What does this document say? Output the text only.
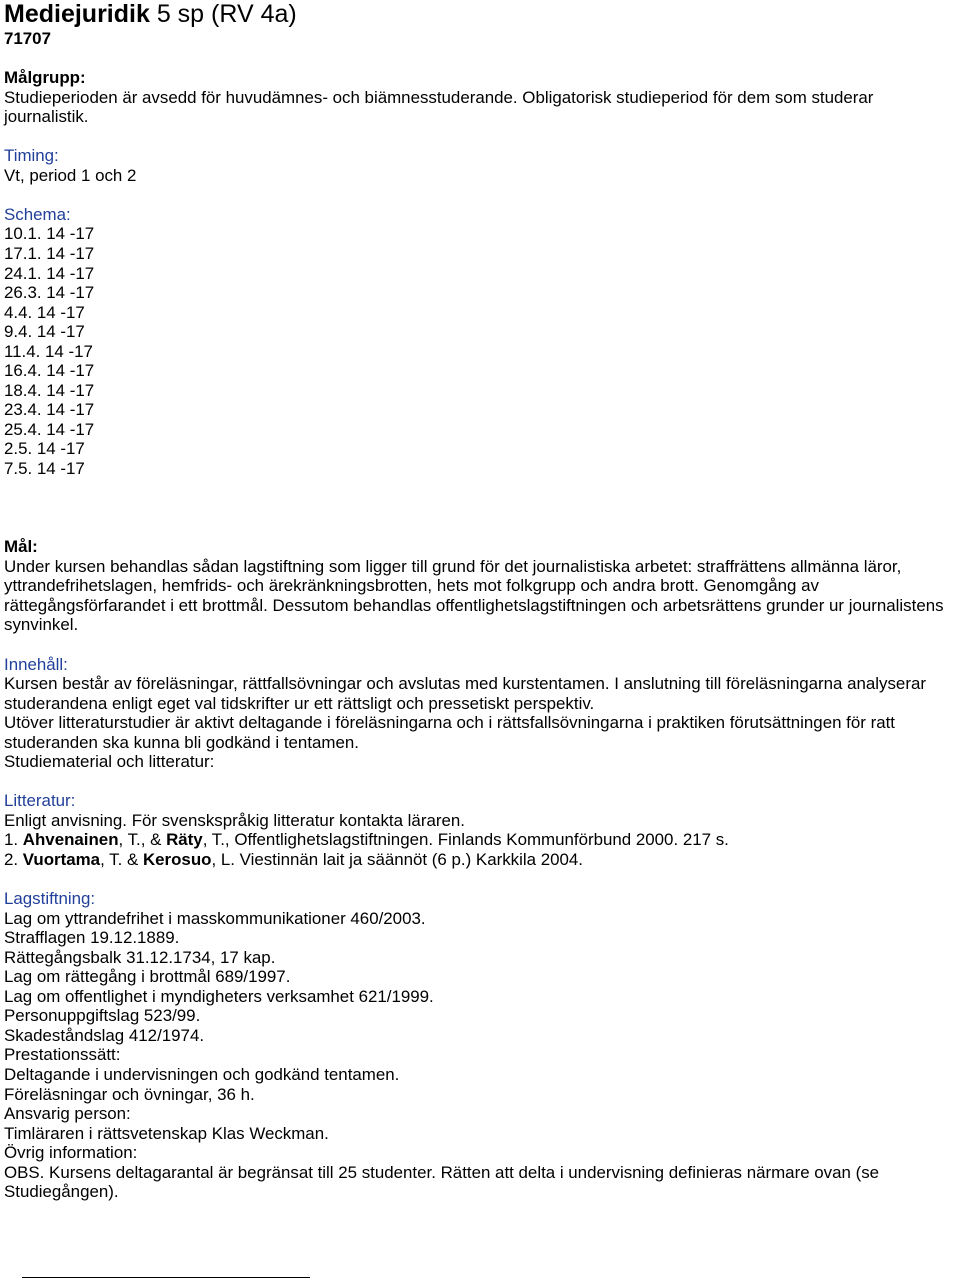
Mediejuridik 5 sp (RV 4a)
71707
Målgrupp:
Studieperioden är avsedd för huvudämnes- och biämnesstuderande. Obligatorisk studieperiod för dem som studerar
journalistik.
Timing:
Vt, period 1 och 2
Schema:
10.1. 14 -17
17.1. 14 -17
24.1. 14 -17
26.3. 14 -17
4.4. 14 -17
9.4. 14 -17
11.4. 14 -17
16.4. 14 -17
18.4. 14 -17
23.4. 14 -17
25.4. 14 -17
2.5. 14 -17
7.5. 14 -17
Mål:
Under kursen behandlas sådan lagstiftning som ligger till grund för det journalistiska arbetet: straffrättens allmänna läror,
yttrandefrihetslagen, hemfrids- och ärekränkningsbrotten, hets mot folkgrupp och andra brott. Genomgång av
rättegångsförfarandet i ett brottmål. Dessutom behandlas offentlighetslagstiftningen och arbetsrättens grunder ur journalistens
synvinkel.
Innehåll:
Kursen består av föreläsningar, rättfallsövningar och avslutas med kurstentamen. I anslutning till föreläsningarna analyserar
studerandena enligt eget val tidskrifter ur ett rättsligt och pressetiskt perspektiv.
Utöver litteraturstudier är aktivt deltagande i föreläsningarna och i rättsfallsövningarna i praktiken förutsättningen för ratt
studeranden ska kunna bli godkänd i tentamen.
Studiematerial och litteratur:
Litteratur:
Enligt anvisning. För svenskspråkig litteratur kontakta läraren.
1. Ahvenainen, T., & Räty, T., Offentlighetslagstiftningen. Finlands Kommunförbund 2000. 217 s.
2. Vuortama, T. & Kerosuo, L. Viestinnän lait ja säännöt (6 p.) Karkkila 2004.
Lagstiftning:
Lag om yttrandefrihet i masskommunikationer 460/2003.
Strafflagen 19.12.1889.
Rättegångsbalk 31.12.1734, 17 kap.
Lag om rättegång i brottmål 689/1997.
Lag om offentlighet i myndigheters verksamhet 621/1999.
Personuppgiftslag 523/99.
Skadeståndslag 412/1974.
Prestationssätt:
Deltagande i undervisningen och godkänd tentamen.
Föreläsningar och övningar, 36 h.
Ansvarig person:
Timläraren i rättsvetenskap Klas Weckman.
Övrig information:
OBS. Kursens deltagarantal är begränsat till 25 studenter. Rätten att delta i undervisning definieras närmare ovan (se
Studiegången).
